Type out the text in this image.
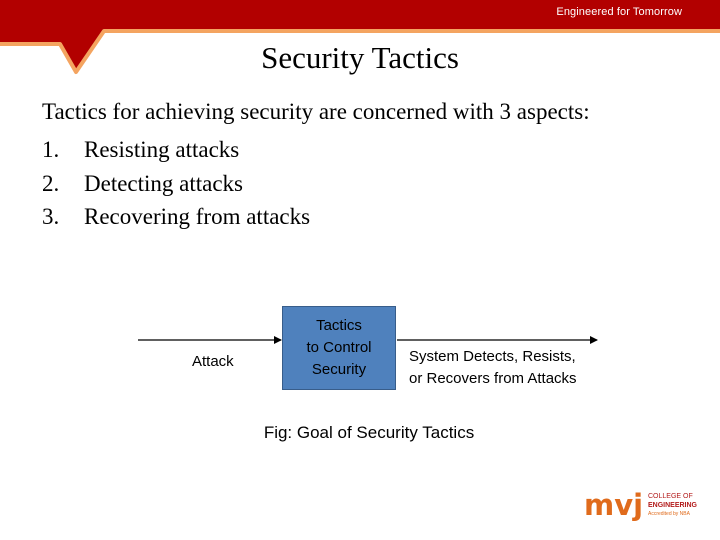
Engineered for Tomorrow
Security Tactics
Tactics for achieving security are concerned with 3 aspects:
1. Resisting attacks
2. Detecting attacks
3. Recovering from attacks
Attack
Tactics
to Control
Security
System Detects, Resists,
or Recovers from Attacks
Fig: Goal of Security Tactics
mvj COLLEGE OF
ENGINEERING
Accredited by NBA
